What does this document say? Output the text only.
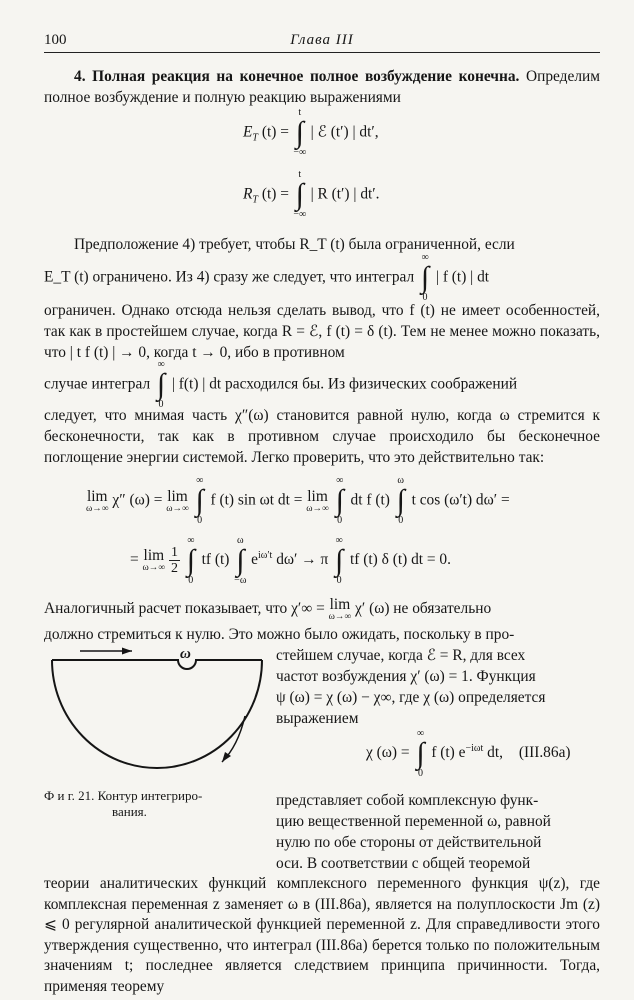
100	Глава III
4. Полная реакция на конечное полное возбуждение конечна. Определим полное возбуждение и полную реакцию выражениями
$E_T$ (t) =
t
∫
−∞
| ℰ (t′) | dt′,
$R_T$ (t) =
t
∫
−∞
| R (t′) | dt′.
Предположение 4) требует, чтобы R_T (t) была ограниченной, если
E_T (t) ограничено. Из 4) сразу же следует, что интеграл
∞
∫
0
| f (t) | dt
ограничен. Однако отсюда нельзя сделать вывод, что f (t) не имеет особенностей, так как в простейшем случае, когда R = ℰ, f (t) = δ (t). Тем не менее можно показать, что | t f (t) | → 0, когда t → 0, ибо в противном
случае интеграл
∞
∫
0
| f(t) | dt расходился бы. Из физических соображений
следует, что мнимая часть χ″(ω) становится равной нулю, когда ω стремится к бесконечности, так как в противном случае происходило бы бесконечное поглощение энергии системой. Легко проверить, что это действительно так:
lim
ω→∞ χ″ (ω) = lim
ω→∞

∞
∫
0
f (t) sin ωt dt = lim
ω→∞

∞
∫
0
dt f (t)
ω
∫
0
t cos (ω′t) dω′ =
= lim
ω→∞
$\frac{1}{2}$
∞
∫
0
tf (t)
ω
∫
−ω
$e^{i\omega't}$ dω′ → π
∞
∫
0
tf (t) δ (t) dt = 0.
Аналогичный расчет показывает, что χ′∞ = lim
ω→∞ χ′ (ω) не обязательно
должно стремиться к нулю. Это можно было ожидать, поскольку в про-
ω
Ф и г. 21. Контур интегриро-
вания.
стейшем случае, когда ℰ = R, для всех
частот возбуждения χ′ (ω) = 1. Функция
ψ (ω) = χ (ω) − χ∞, где χ (ω) определяется
выражением
χ (ω) =
∞
∫
0
f (t) $e^{-i\omega t}$ dt, (III.86a)
представляет собой комплексную функ-
цию вещественной переменной ω, равной
нулю по обе стороны от действительной
оси. В соответствии с общей теоремой
теории аналитических функций комплексного переменного функция ψ(z), где комплексная переменная z заменяет ω в (III.86a), является на полуплоскости Jm (z) ⩽ 0 регулярной аналитической функцией переменной z. Для справедливости этого утверждения существенно, что интеграл (III.86a) берется только по положительным значениям t; последнее является следствием принципа причинности. Тогда, применяя теорему
